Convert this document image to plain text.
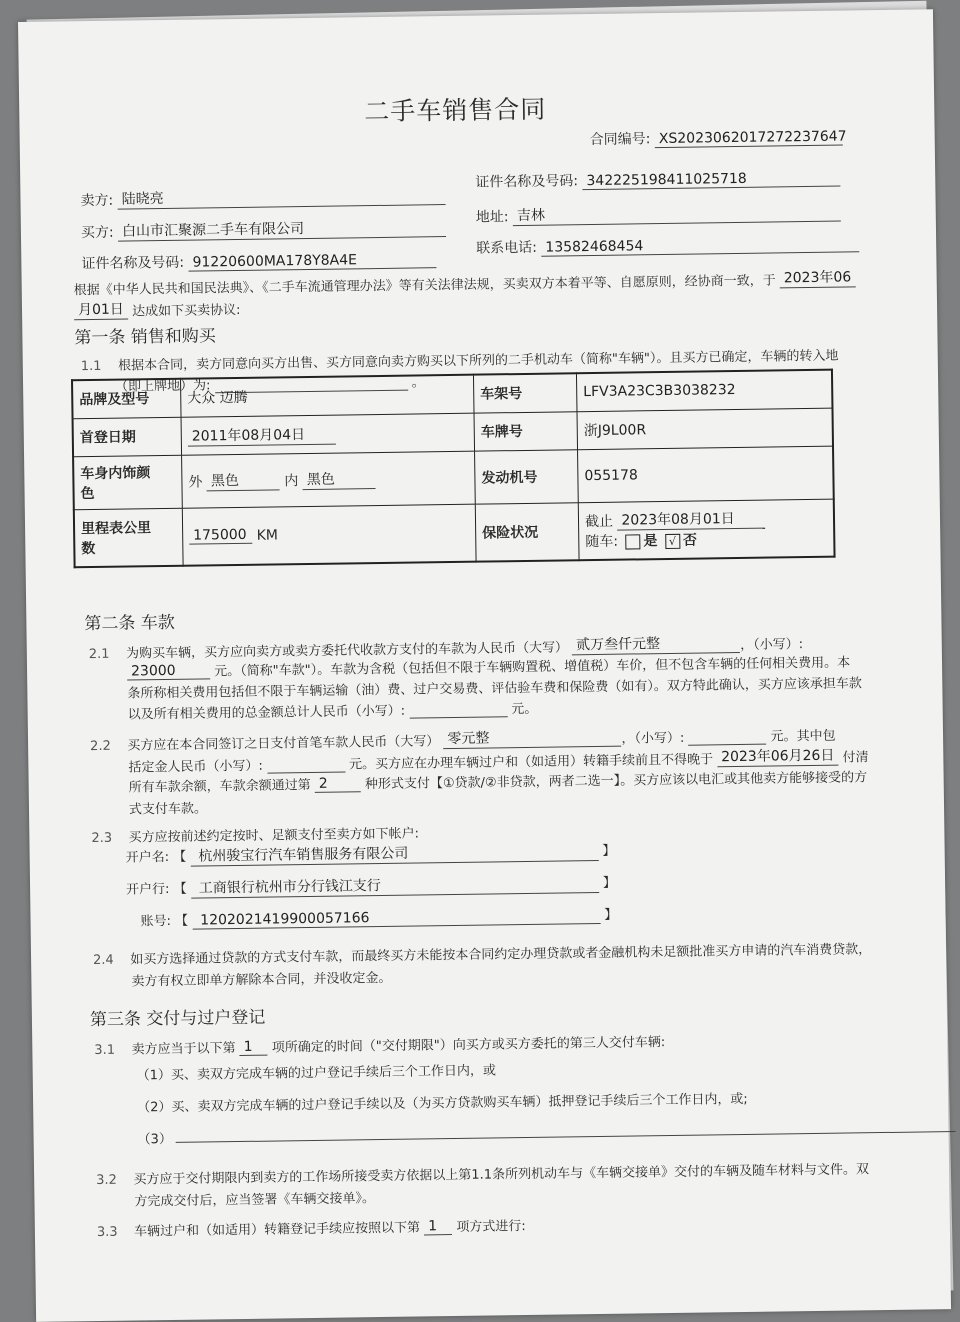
二手车销售合同
合同编号: XS2023062017272237647
卖方: 陆晓亮
证件名称及号码: 342225198411025718
买方: 白山市汇聚源二手车有限公司
地址: 吉林
证件名称及号码: 91220600MA178Y8A4E
联系电话: 13582468454
根据《中华人民共和国民法典》、《二手车流通管理办法》等有关法律法规，买卖双方本着平等、自愿原则，经协商一致，于 2023年06
月01日 达成如下买卖协议:
第一条 销售和购买
1.1 根据本合同，卖方同意向买方出售、买方同意向卖方购买以下所列的二手机动车（简称"车辆"）。且买方已确定，车辆的转入地
（即上牌地）为:	。
品牌及型号	大众 迈腾	车架号	LFV3A23C3B3038232
首登日期	2011年08月04日	车牌号	浙J9L00R
车身内饰颜
色	外 黑色 内 黑色	发动机号	055178
里程表公里
数	175000 KM	保险状况	截止 2023年08月01日
随车: 是 √ 否
第二条 车款
2.1 为购买车辆，买方应向卖方或卖方委托代收款方支付的车款为人民币（大写） 贰万叁仟元整	，（小写）:
23000	元。（简称"车款"）。车款为含税（包括但不限于车辆购置税、增值税）车价，但不包含车辆的任何相关费用。本
条所称相关费用包括但不限于车辆运输（油）费、过户交易费、评估验车费和保险费（如有）。双方特此确认，买方应该承担车款
以及所有相关费用的总金额总计人民币（小写）:	元。
2.2 买方应在本合同签订之日支付首笔车款人民币（大写） 零元整	，（小写）:	元。其中包
括定金人民币（小写）:	元。买方应在办理车辆过户和（如适用）转籍手续前且不得晚于 2023年06月26日 付清
所有车款余额，车款余额通过第 2	种形式支付【①贷款/②非贷款，两者二选一】。买方应该以电汇或其他卖方能够接受的方
式支付车款。
2.3 买方应按前述约定按时、足额支付至卖方如下帐户:
开户名: 【 杭州骏宝行汽车销售服务有限公司	】
开户行: 【 工商银行杭州市分行钱江支行	】
账号: 【 1202021419900057166	】
2.4 如买方选择通过贷款的方式支付车款，而最终买方未能按本合同约定办理贷款或者金融机构未足额批准买方申请的汽车消费贷款，
卖方有权立即单方解除本合同，并没收定金。
第三条 交付与过户登记
3.1 卖方应当于以下第 1 项所确定的时间（"交付期限"）向买方或买方委托的第三人交付车辆:
（1）买、卖双方完成车辆的过户登记手续后三个工作日内，或
（2）买、卖双方完成车辆的过户登记手续以及（为买方贷款购买车辆）抵押登记手续后三个工作日内，或;
（3）
3.2 买方应于交付期限内到卖方的工作场所接受卖方依据以上第1.1条所列机动车与《车辆交接单》交付的车辆及随车材料与文件。双
方完成交付后，应当签署《车辆交接单》。
3.3 车辆过户和（如适用）转籍登记手续应按照以下第 1 项方式进行:
